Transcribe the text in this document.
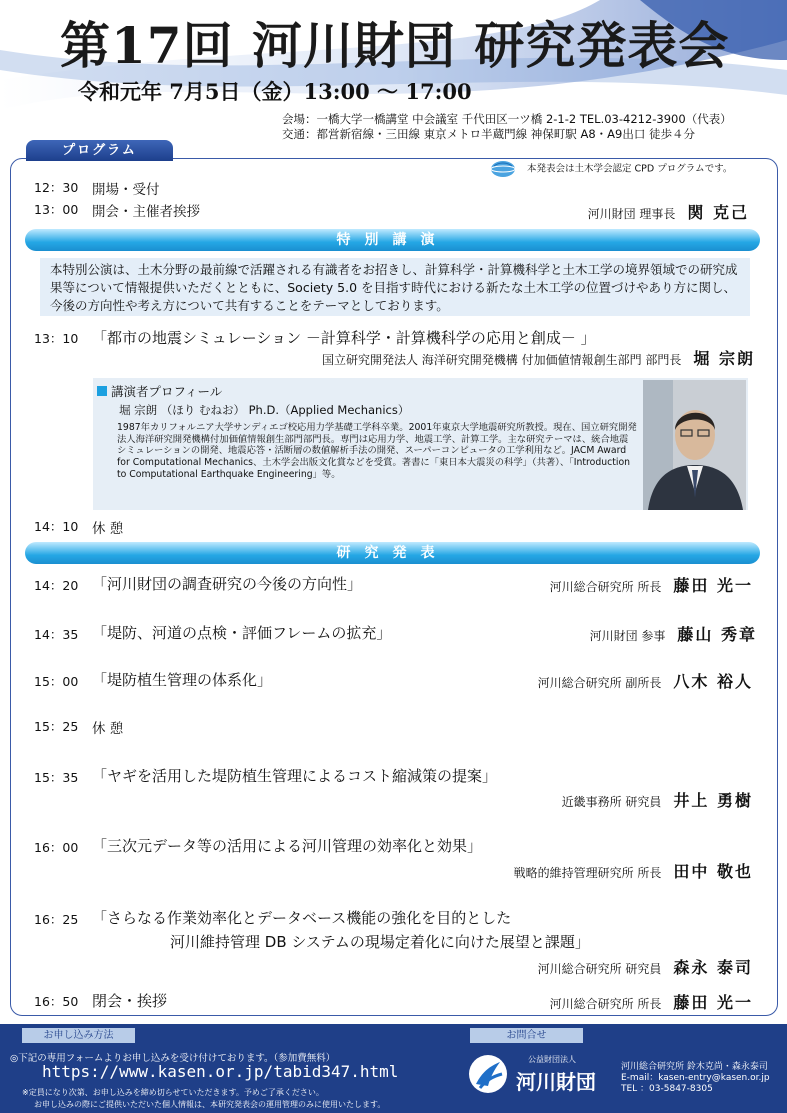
第17回 河川財団 研究発表会
令和元年 7月5日（金）13:00 ～ 17:00
会場：一橋大学一橋講堂 中会議室 千代田区一ツ橋 2-1-2 TEL.03-4212-3900（代表）
交通：都営新宿線・三田線 東京メトロ半蔵門線 神保町駅 A8・A9出口 徒歩４分
プログラム
本発表会は土木学会認定 CPD プログラムです。
12：30 開場・受付
13：00 開会・主催者挨拶	河川財団 理事長 関 克己
特別講演
本特別公演は、土木分野の最前線で活躍される有識者をお招きし、計算科学・計算機科学と土木工学の境界領域での研究成果等について情報提供いただくとともに、Society 5.0 を目指す時代における新たな土木工学の位置づけやあり方に関し、今後の方向性や考え方について共有することをテーマとしております。
13：10 「都市の地震シミュレーション －計算科学・計算機科学の応用と創成－ 」
国立研究開発法人 海洋研究開発機構 付加価値情報創生部門 部門長 堀 宗朗
講演者プロフィール
堀 宗朗 （ほり むねお） Ph.D.（Applied Mechanics）
1987年カリフォルニア大学サンディエゴ校応用力学基礎工学科卒業。2001年東京大学地震研究所教授。現在、国立研究開発法人海洋研究開発機構付加価値情報創生部門部門長。専門は応用力学、地震工学、計算工学。主な研究テーマは、統合地震シミュレーションの開発、地震応答・活断層の数値解析手法の開発、スーパーコンピュータの工学利用など。JACM Award for Computational Mechanics、土木学会出版文化賞などを受賞。著書に「東日本大震災の科学」（共著）、「Introduction to Computational Earthquake Engineering」等。
14：10 休 憩
研究発表
14：20 「河川財団の調査研究の今後の方向性」	河川総合研究所 所長 藤田 光一
14：35 「堤防、河道の点検・評価フレームの拡充」	河川財団 参事 藤山 秀章
15：00 「堤防植生管理の体系化」	河川総合研究所 副所長 八木 裕人
15：25 休 憩
15：35 「ヤギを活用した堤防植生管理によるコスト縮減策の提案」
近畿事務所 研究員 井上 勇樹
16：00 「三次元データ等の活用による河川管理の効率化と効果」
戦略的維持管理研究所 所長 田中 敬也
16：25 「さらなる作業効率化とデータベース機能の強化を目的とした
河川維持管理 DB システムの現場定着化に向けた展望と課題」
河川総合研究所 研究員 森永 泰司
16：50 閉会・挨拶	河川総合研究所 所長 藤田 光一
お申し込み方法
◎下記の専用フォームよりお申し込みを受け付けております。（参加費無料）
https://www.kasen.or.jp/tabid347.html
※定員になり次第、お申し込みを締め切らせていただきます。予めご了承ください。
お申し込みの際にご提供いただいた個人情報は、本研究発表会の運用管理のみに使用いたします。
お問合せ
公益財団法人
河川財団
河川総合研究所 鈴木克尚・森永泰司
E-mail：kasen-entry@kasen.or.jp
TEL ：03-5847-8305
